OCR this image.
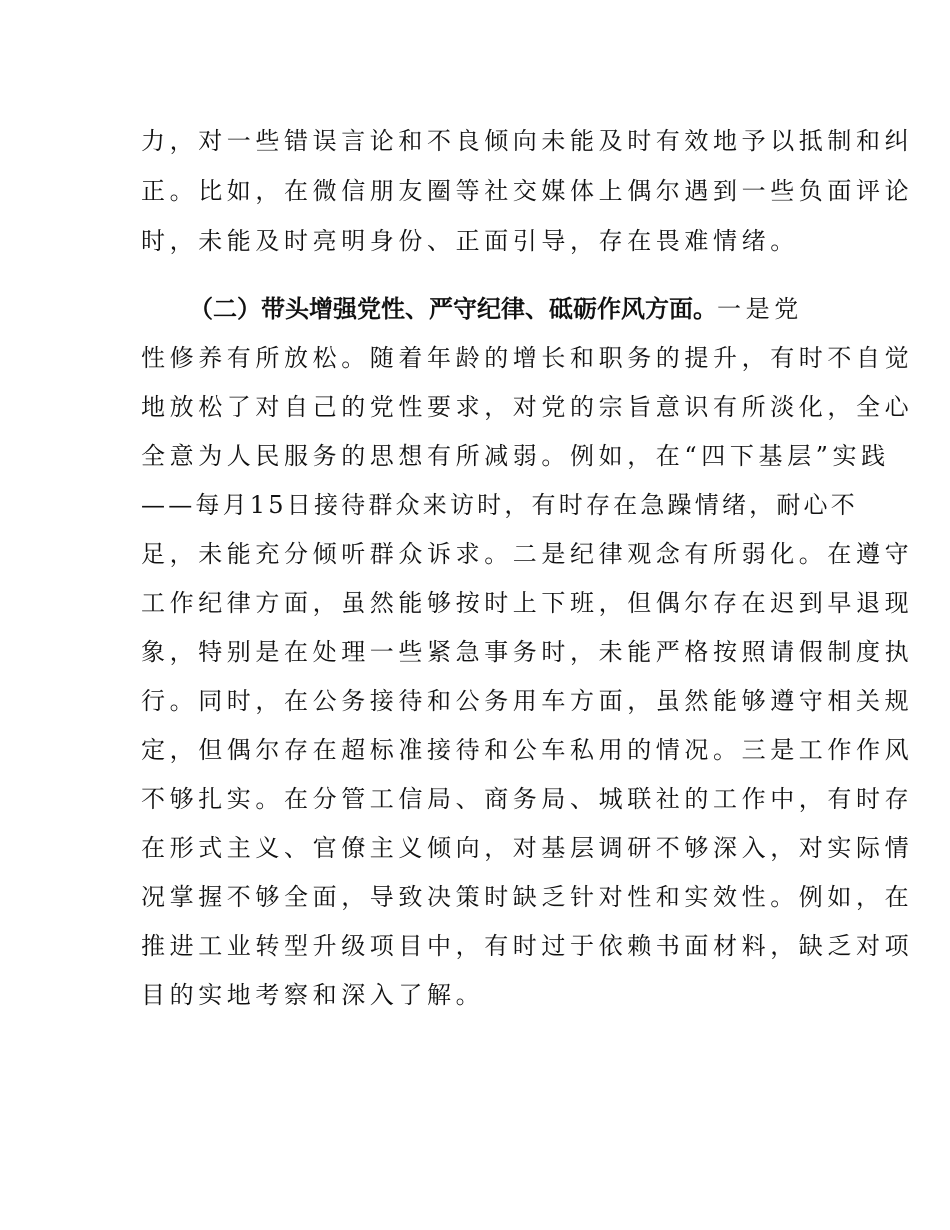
力，对一些错误言论和不良倾向未能及时有效地予以抵制和纠
正。比如，在微信朋友圈等社交媒体上偶尔遇到一些负面评论
时，未能及时亮明身份、正面引导，存在畏难情绪。
（二）带头增强党性、严守纪律、砥砺作风方面。一是党
性修养有所放松。随着年龄的增长和职务的提升，有时不自觉
地放松了对自己的党性要求，对党的宗旨意识有所淡化，全心
全意为人民服务的思想有所减弱。例如，在“四下基层”实践
——每月15日接待群众来访时，有时存在急躁情绪，耐心不
足，未能充分倾听群众诉求。二是纪律观念有所弱化。在遵守
工作纪律方面，虽然能够按时上下班，但偶尔存在迟到早退现
象，特别是在处理一些紧急事务时，未能严格按照请假制度执
行。同时，在公务接待和公务用车方面，虽然能够遵守相关规
定，但偶尔存在超标准接待和公车私用的情况。三是工作作风
不够扎实。在分管工信局、商务局、城联社的工作中，有时存
在形式主义、官僚主义倾向，对基层调研不够深入，对实际情
况掌握不够全面，导致决策时缺乏针对性和实效性。例如，在
推进工业转型升级项目中，有时过于依赖书面材料，缺乏对项
目的实地考察和深入了解。
